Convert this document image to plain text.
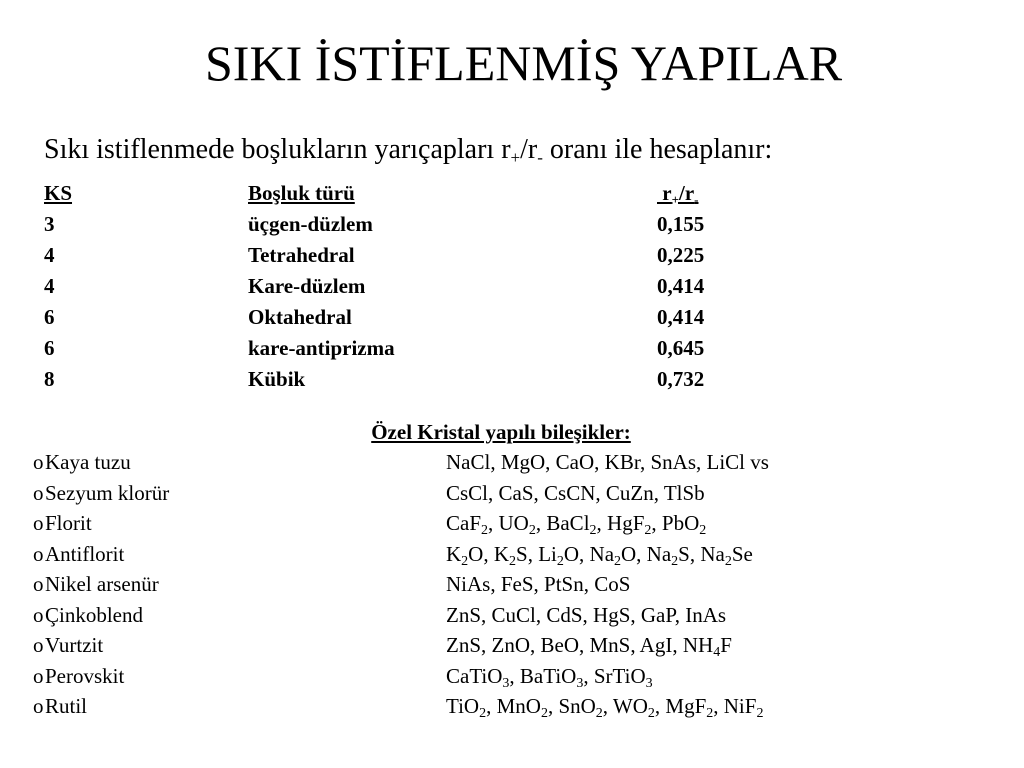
SIKI İSTİFLENMİŞ YAPILAR
Sıkı istiflenmede boşlukların yarıçapları $r_+/r_-$ oranı ile hesaplanır:
KS	Boşluk türü	$r_+/r_-$
3	üçgen-düzlem	0,155
4	Tetrahedral	0,225
4	Kare-düzlem	0,414
6	Oktahedral	0,414
6	kare-antiprizma	0,645
8	Kübik	0,732
Özel Kristal yapılı bileşikler:
o Kaya tuzu	NaCl, MgO, CaO, KBr, SnAs, LiCl vs
o Sezyum klorür	CsCl, CaS, CsCN, CuZn, TlSb
o Florit	CaF$_2$, $UO_2$, BaCl$_2$, HgF$_2$, PbO$_2$
o Antiflorit	$K_2O$, $K_2S$, $Li_2O$, $Na_2O$, $Na_2S$, $Na_2Se$
o Nikel arsenür	NiAs, FeS, PtSn, CoS
o Çinkoblend	ZnS, CuCl, CdS, HgS, GaP, InAs
o Vurtzit	ZnS, ZnO, BeO, MnS, AgI, $NH_4F$
o Perovskit	CaTiO$_3$, BaTiO$_3$, SrTiO$_3$
o Rutil	TiO$_2$, MnO$_2$, SnO$_2$, $WO_2$, MgF$_2$, NiF$_2$
